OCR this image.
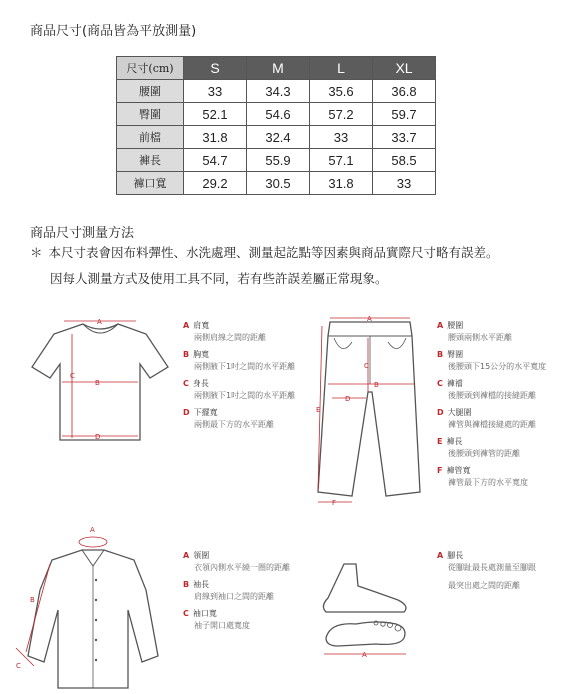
商品尺寸(商品皆為平放測量)
尺寸(cm)	S	M	L	XL
腰圍	33	34.3	35.6	36.8
臀圍	52.1	54.6	57.2	59.7
前檔	31.8	32.4	33	33.7
褲長	54.7	55.9	57.1	58.5
褲口寬	29.2	30.5	31.8	33
商品尺寸測量方法
＊ 本尺寸表會因布料彈性、水洗處理、測量起訖點等因素與商品實際尺寸略有誤差。
因每人測量方式及使用工具不同，若有些許誤差屬正常現象。
A
B
C
D
A 肩寬
兩側肩線之間的距離
B 胸寬
兩側腋下1吋之間的水平距離
C 身長
兩側腋下1吋之間的水平距離
D 下擺寬
兩側最下方的水平距離
A
B
C
D
E
F
A 腰圍
腰頭兩側水平距離
B 臀圍
後腰頭下15公分的水平寬度
C 褲襠
後腰頭到褲檔的接縫距離
D 大腿圍
褲管與褲檔接縫處的距離
E 褲長
後腰頭到褲管的距離
F 褲管寬
褲管最下方的水平寬度
A
B
C
A 領圍
衣領內側水平繞一圈的距離
B 袖長
肩線到袖口之間的距離
C 袖口寬
袖子開口處寬度
A
A 腳長
從腳趾最長處測量至腳跟
最突出處之間的距離
